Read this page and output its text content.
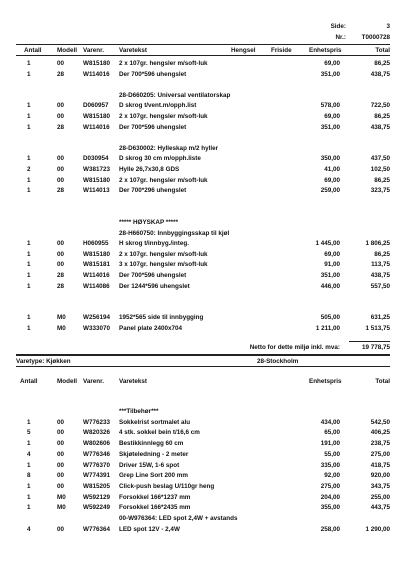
Side:	3
Nr.:	T0000728
Antall Modell Varenr. Varetekst	Hengsel Friside	Enhetspris	Total
1	00	W815180	2 x 107gr. hengsler m/soft-luk	69,00	86,25
1	28	W114016	Der 700*596 uhengslet	351,00	438,75
28-D660205: Universal ventilatorskap
1	00	D060957	D skrog t/vent.m/opph.list	578,00	722,50
1	00	W815180	2 x 107gr. hengsler m/soft-luk	69,00	86,25
1	28	W114016	Der 700*596 uhengslet	351,00	438,75
28-D630002: Hylleskap m/2 hyller
1	00	D030954	D skrog 30 cm m/opph.liste	350,00	437,50
2	00	W381723	Hylle 26,7x30,8 GDS	41,00	102,50
1	00	W815180	2 x 107gr. hengsler m/soft-luk	69,00	86,25
1	28	W114013	Der 700*296 uhengslet	259,00	323,75
***** HØYSKAP *****
28-H660750: Innbyggingsskap til kjøl
1	00	H060955	H skrog t/innbyg./integ.	1 445,00	1 806,25
1	00	W815180	2 x 107gr. hengsler m/soft-luk	69,00	86,25
1	00	W815181	3 x 107gr. hengsler m/soft-luk	91,00	113,75
1	28	W114016	Der 700*596 uhengslet	351,00	438,75
1	28	W114086	Der 1244*596 uhengslet	446,00	557,50
1	M0	W256194	1952*565 side til innbygging	505,00	631,25
1	M0	W333070	Panel plate 2400x704	1 211,00	1 513,75
Netto for dette miljø inkl. mva:	19 778,75
Varetype: Kjøkken	28-Stockholm
Antall	Modell Varenr. Varetekst	Enhetspris	Total
***Tilbehør***
1	00	W776233	Sokkelrist sortmalet alu	434,00	542,50
5	00	W820326	4 stk. sokkel bein t/16,6 cm	65,00	406,25
1	00	W802606	Bestikkinnlegg 60 cm	191,00	238,75
4	00	W776346	Skjøteledning - 2 meter	55,00	275,00
1	00	W776370	Driver 15W, 1-6 spot	335,00	418,75
8	00	W774391	Grep Line Sort 200 mm	92,00	920,00
1	00	W815205	Click-push beslag U/110gr heng	275,00	343,75
1	M0	W592129	Forsokkel 166*1237 mm	204,00	255,00
1	M0	W592249	Forsokkel 166*2435 mm	355,00	443,75
00-W976364: LED spot 2,4W + avstands
4	00	W776364	LED spot 12V - 2,4W	258,00	1 290,00
